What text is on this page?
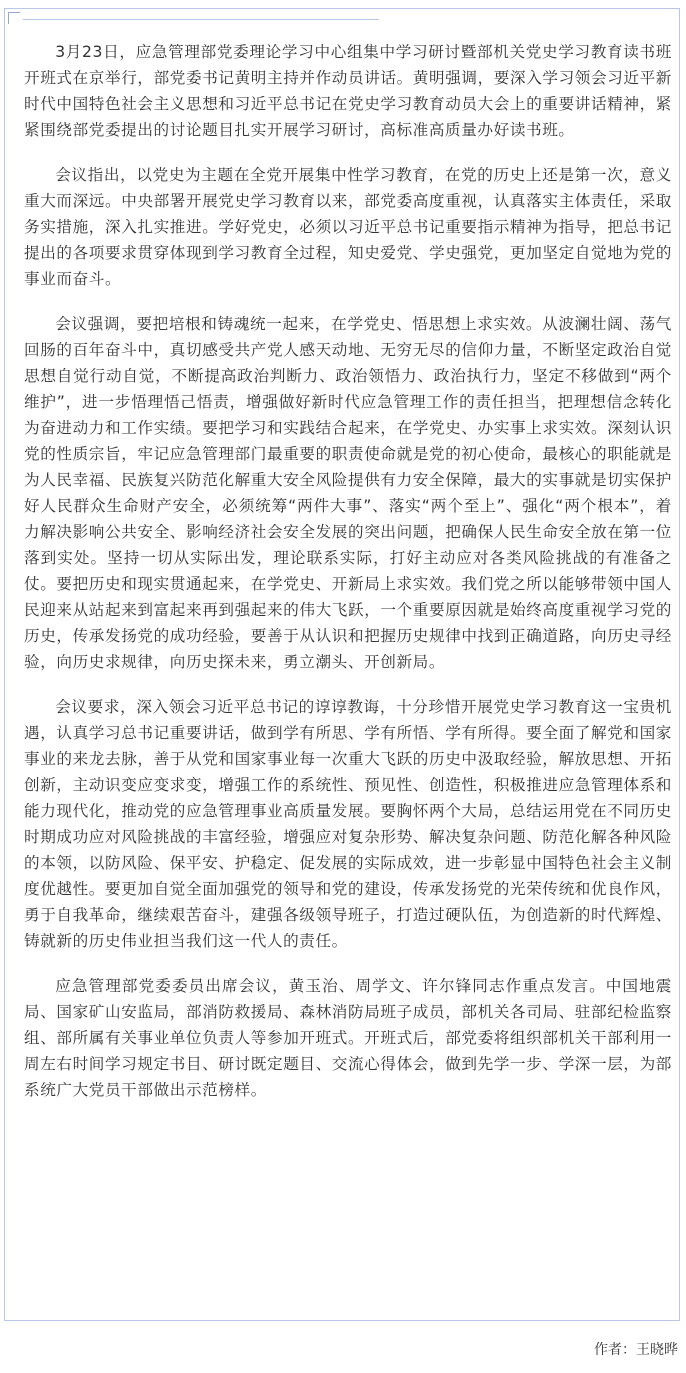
3月23日，应急管理部党委理论学习中心组集中学习研讨暨部机关党史学习教育读书班开班式在京举行，部党委书记黄明主持并作动员讲话。黄明强调，要深入学习领会习近平新时代中国特色社会主义思想和习近平总书记在党史学习教育动员大会上的重要讲话精神，紧紧围绕部党委提出的讨论题目扎实开展学习研讨，高标准高质量办好读书班。

会议指出，以党史为主题在全党开展集中性学习教育，在党的历史上还是第一次，意义重大而深远。中央部署开展党史学习教育以来，部党委高度重视，认真落实主体责任，采取务实措施，深入扎实推进。学好党史，必须以习近平总书记重要指示精神为指导，把总书记提出的各项要求贯穿体现到学习教育全过程，知史爱党、学史强党，更加坚定自觉地为党的事业而奋斗。

会议强调，要把培根和铸魂统一起来，在学党史、悟思想上求实效。从波澜壮阔、荡气回肠的百年奋斗中，真切感受共产党人感天动地、无穷无尽的信仰力量，不断坚定政治自觉思想自觉行动自觉，不断提高政治判断力、政治领悟力、政治执行力，坚定不移做到“两个维护”，进一步悟理悟己悟责，增强做好新时代应急管理工作的责任担当，把理想信念转化为奋进动力和工作实绩。要把学习和实践结合起来，在学党史、办实事上求实效。深刻认识党的性质宗旨，牢记应急管理部门最重要的职责使命就是党的初心使命，最核心的职能就是为人民幸福、民族复兴防范化解重大安全风险提供有力安全保障，最大的实事就是切实保护好人民群众生命财产安全，必须统筹“两件大事”、落实“两个至上”、强化“两个根本”，着力解决影响公共安全、影响经济社会安全发展的突出问题，把确保人民生命安全放在第一位落到实处。坚持一切从实际出发，理论联系实际，打好主动应对各类风险挑战的有准备之仗。要把历史和现实贯通起来，在学党史、开新局上求实效。我们党之所以能够带领中国人民迎来从站起来到富起来再到强起来的伟大飞跃，一个重要原因就是始终高度重视学习党的历史，传承发扬党的成功经验，要善于从认识和把握历史规律中找到正确道路，向历史寻经验，向历史求规律，向历史探未来，勇立潮头、开创新局。

会议要求，深入领会习近平总书记的谆谆教诲，十分珍惜开展党史学习教育这一宝贵机遇，认真学习总书记重要讲话，做到学有所思、学有所悟、学有所得。要全面了解党和国家事业的来龙去脉，善于从党和国家事业每一次重大飞跃的历史中汲取经验，解放思想、开拓创新，主动识变应变求变，增强工作的系统性、预见性、创造性，积极推进应急管理体系和能力现代化，推动党的应急管理事业高质量发展。要胸怀两个大局，总结运用党在不同历史时期成功应对风险挑战的丰富经验，增强应对复杂形势、解决复杂问题、防范化解各种风险的本领，以防风险、保平安、护稳定、促发展的实际成效，进一步彰显中国特色社会主义制度优越性。要更加自觉全面加强党的领导和党的建设，传承发扬党的光荣传统和优良作风，勇于自我革命，继续艰苦奋斗，建强各级领导班子，打造过硬队伍，为创造新的时代辉煌、铸就新的历史伟业担当我们这一代人的责任。

应急管理部党委委员出席会议，黄玉治、周学文、许尔锋同志作重点发言。中国地震局、国家矿山安监局，部消防救援局、森林消防局班子成员，部机关各司局、驻部纪检监察组、部所属有关事业单位负责人等参加开班式。开班式后，部党委将组织部机关干部利用一周左右时间学习规定书目、研讨既定题目、交流心得体会，做到先学一步、学深一层，为部系统广大党员干部做出示范榜样。

作者：王晓晔
